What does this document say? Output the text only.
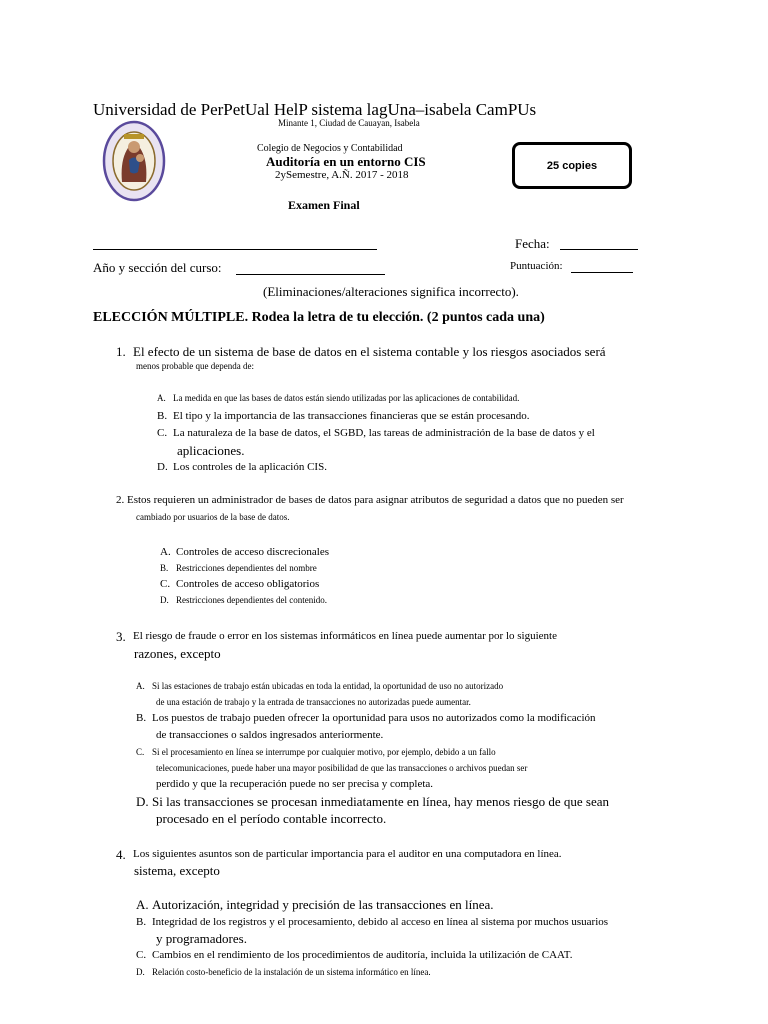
Universidad de PerPetUal HelP sistema lagUna–isabela CamPUs
Minante 1, Ciudad de Cauayan, Isabela
Colegio de Negocios y Contabilidad
Auditoría en un entorno CIS
2ySemestre, A.Ñ. 2017 - 2018
25 copies
Examen Final
Fecha:
Año y sección del curso:	Puntuación:
(Eliminaciones/alteraciones significa incorrecto).
ELECCIÓN MÚLTIPLE. Rodea la letra de tu elección. (2 puntos cada una)
1. El efecto de un sistema de base de datos en el sistema contable y los riesgos asociados será
menos probable que dependa de:
A. La medida en que las bases de datos están siendo utilizadas por las aplicaciones de contabilidad.
B. El tipo y la importancia de las transacciones financieras que se están procesando.
C. La naturaleza de la base de datos, el SGBD, las tareas de administración de la base de datos y el
aplicaciones.
D. Los controles de la aplicación CIS.
2. Estos requieren un administrador de bases de datos para asignar atributos de seguridad a datos que no pueden ser
cambiado por usuarios de la base de datos.
A. Controles de acceso discrecionales
B. Restricciones dependientes del nombre
C. Controles de acceso obligatorios
D. Restricciones dependientes del contenido.
3. El riesgo de fraude o error en los sistemas informáticos en línea puede aumentar por lo siguiente
razones, excepto
A. Si las estaciones de trabajo están ubicadas en toda la entidad, la oportunidad de uso no autorizado
de una estación de trabajo y la entrada de transacciones no autorizadas puede aumentar.
B. Los puestos de trabajo pueden ofrecer la oportunidad para usos no autorizados como la modificación
de transacciones o saldos ingresados anteriormente.
C. Si el procesamiento en línea se interrumpe por cualquier motivo, por ejemplo, debido a un fallo
telecomunicaciones, puede haber una mayor posibilidad de que las transacciones o archivos puedan ser
perdido y que la recuperación puede no ser precisa y completa.
D. Si las transacciones se procesan inmediatamente en línea, hay menos riesgo de que sean
procesado en el período contable incorrecto.
4. Los siguientes asuntos son de particular importancia para el auditor en una computadora en línea.
sistema, excepto
A. Autorización, integridad y precisión de las transacciones en línea.
B. Integridad de los registros y el procesamiento, debido al acceso en línea al sistema por muchos usuarios
y programadores.
C. Cambios en el rendimiento de los procedimientos de auditoría, incluida la utilización de CAAT.
D. Relación costo-beneficio de la instalación de un sistema informático en línea.
